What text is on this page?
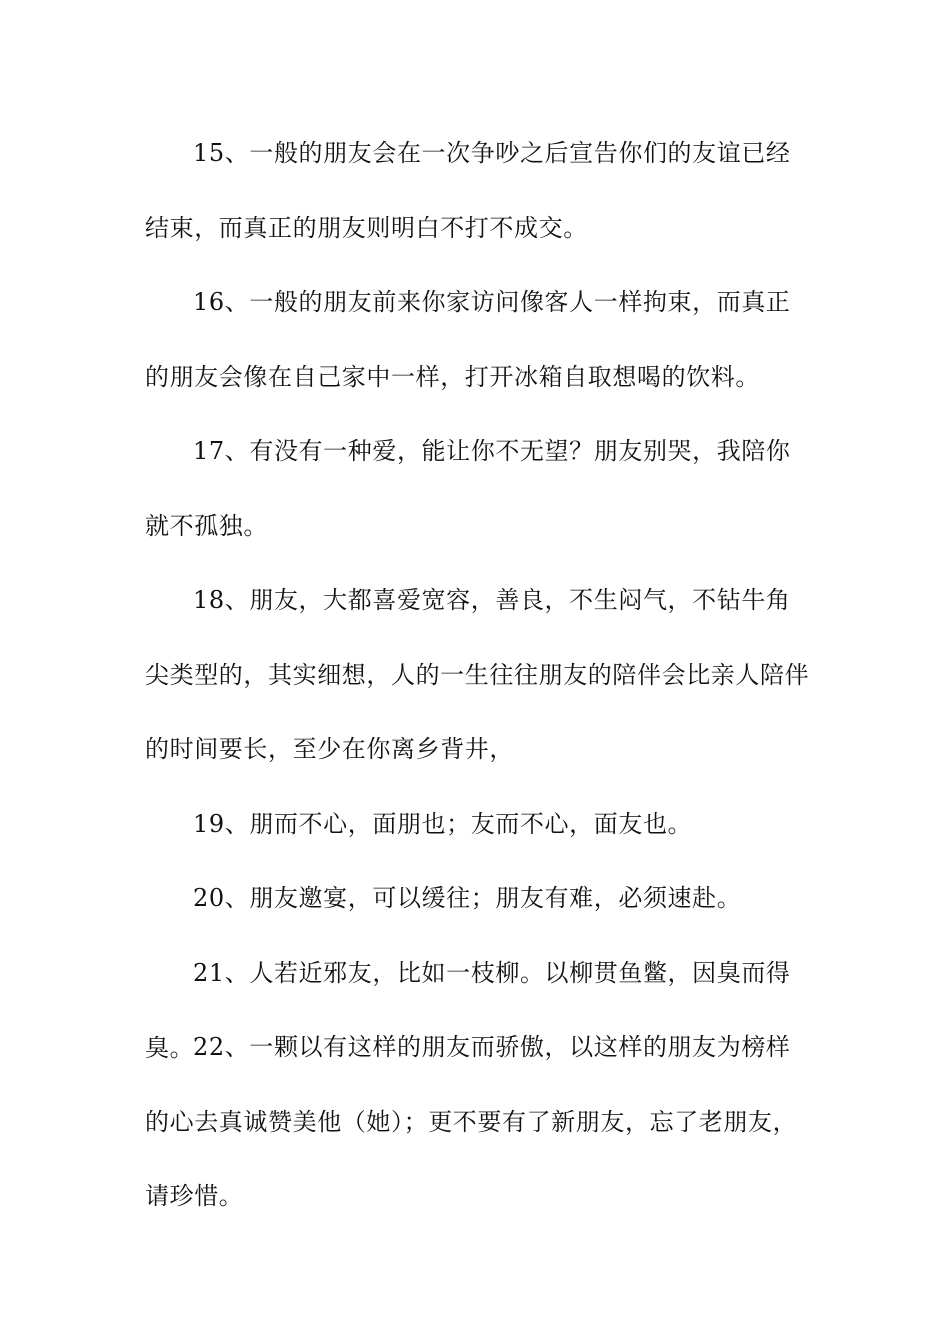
15、一般的朋友会在一次争吵之后宣告你们的友谊已经结束，而真正的朋友则明白不打不成交。

16、一般的朋友前来你家访问像客人一样拘束，而真正的朋友会像在自己家中一样，打开冰箱自取想喝的饮料。

17、有没有一种爱，能让你不无望？朋友别哭，我陪你就不孤独。

18、朋友，大都喜爱宽容，善良，不生闷气，不钻牛角尖类型的，其实细想，人的一生往往朋友的陪伴会比亲人陪伴的时间要长，至少在你离乡背井，

19、朋而不心，面朋也；友而不心，面友也。

20、朋友邀宴，可以缓往；朋友有难，必须速赴。

21、人若近邪友，比如一枝柳。以柳贯鱼鳖，因臭而得臭。

22、一颗以有这样的朋友而骄傲，以这样的朋友为榜样的心去真诚赞美他（她）；更不要有了新朋友，忘了老朋友，请珍惜。
